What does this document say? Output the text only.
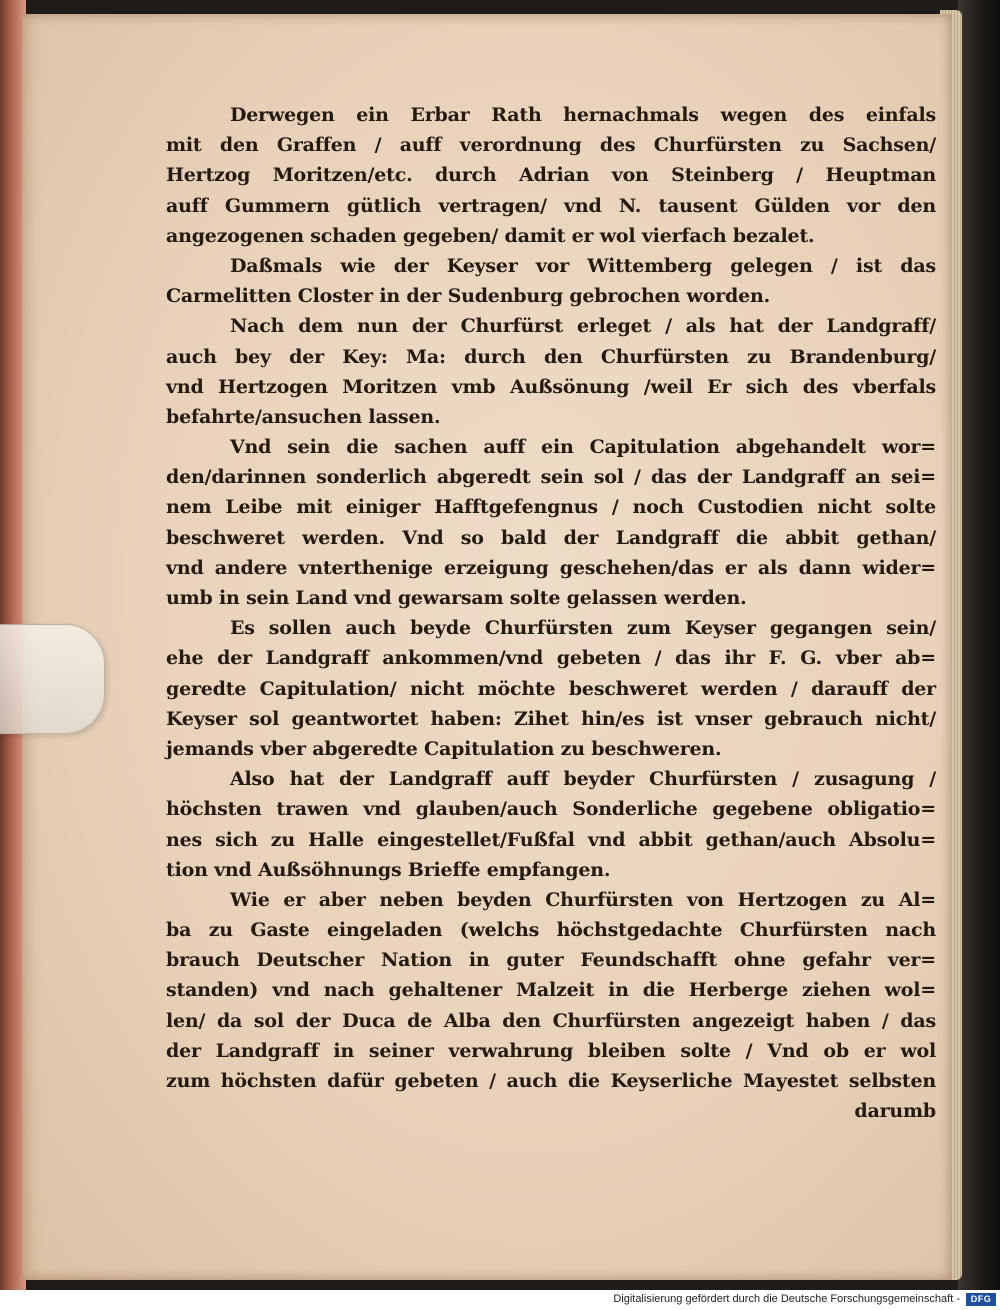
Derwegen ein Erbar Rath hernachmals wegen des einfals
mit den Graffen / auff verordnung des Churfürsten zu Sachsen/
Hertzog Moritzen/etc. durch Adrian von Steinberg / Heuptman
auff Gummern gütlich vertragen/ vnd N. tausent Gülden vor den
angezogenen schaden gegeben/ damit er wol vierfach bezalet.
Daßmals wie der Keyser vor Wittemberg gelegen / ist das
Carmelitten Closter in der Sudenburg gebrochen worden.
Nach dem nun der Churfürst erleget / als hat der Landgraff/
auch bey der Key: Ma: durch den Churfürsten zu Brandenburg/
vnd Hertzogen Moritzen vmb Außsönung /weil Er sich des vberfals
befahrte/ansuchen lassen.
Vnd sein die sachen auff ein Capitulation abgehandelt wor=
den/darinnen sonderlich abgeredt sein sol / das der Landgraff an sei=
nem Leibe mit einiger Hafftgefengnus / noch Custodien nicht solte
beschweret werden. Vnd so bald der Landgraff die abbit gethan/
vnd andere vnterthenige erzeigung geschehen/das er als dann wider=
umb in sein Land vnd gewarsam solte gelassen werden.
Es sollen auch beyde Churfürsten zum Keyser gegangen sein/
ehe der Landgraff ankommen/vnd gebeten / das ihr F. G. vber ab=
geredte Capitulation/ nicht möchte beschweret werden / darauff der
Keyser sol geantwortet haben: Zihet hin/es ist vnser gebrauch nicht/
jemands vber abgeredte Capitulation zu beschweren.
Also hat der Landgraff auff beyder Churfürsten / zusagung /
höchsten trawen vnd glauben/auch Sonderliche gegebene obligatio=
nes sich zu Halle eingestellet/Fußfal vnd abbit gethan/auch Absolu=
tion vnd Außsöhnungs Brieffe empfangen.
Wie er aber neben beyden Churfürsten von Hertzogen zu Al=
ba zu Gaste eingeladen (welchs höchstgedachte Churfürsten nach
brauch Deutscher Nation in guter Feundschafft ohne gefahr ver=
standen) vnd nach gehaltener Malzeit in die Herberge ziehen wol=
len/ da sol der Duca de Alba den Churfürsten angezeigt haben / das
der Landgraff in seiner verwahrung bleiben solte / Vnd ob er wol
zum höchsten dafür gebeten / auch die Keyserliche Mayestet selbsten
darumb
Digitalisierung gefördert durch die Deutsche Forschungsgemeinschaft -	DFG
